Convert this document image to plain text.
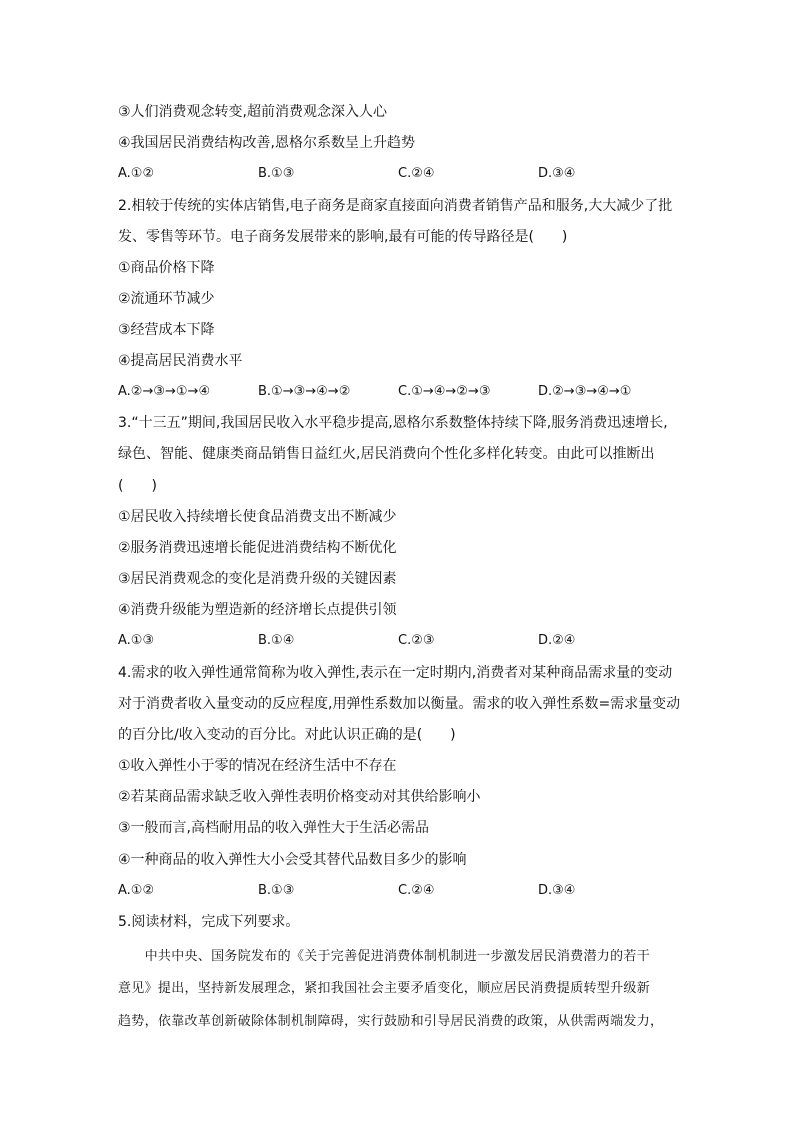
③人们消费观念转变,超前消费观念深入人心
④我国居民消费结构改善,恩格尔系数呈上升趋势
A.①②	B.①③	C.②④	D.③④
2.相较于传统的实体店销售,电子商务是商家直接面向消费者销售产品和服务,大大减少了批
发、零售等环节。电子商务发展带来的影响,最有可能的传导路径是(　　)
①商品价格下降
②流通环节减少
③经营成本下降
④提高居民消费水平
A.②→③→①→④	B.①→③→④→②	C.①→④→②→③	D.②→③→④→①
3.“十三五”期间,我国居民收入水平稳步提高,恩格尔系数整体持续下降,服务消费迅速增长,
绿色、智能、健康类商品销售日益红火,居民消费向个性化多样化转变。由此可以推断出
(　　)
①居民收入持续增长使食品消费支出不断减少
②服务消费迅速增长能促进消费结构不断优化
③居民消费观念的变化是消费升级的关键因素
④消费升级能为塑造新的经济增长点提供引领
A.①③	B.①④	C.②③	D.②④
4.需求的收入弹性通常简称为收入弹性,表示在一定时期内,消费者对某种商品需求量的变动
对于消费者收入量变动的反应程度,用弹性系数加以衡量。需求的收入弹性系数=需求量变动
的百分比/收入变动的百分比。对此认识正确的是(　　)
①收入弹性小于零的情况在经济生活中不存在
②若某商品需求缺乏收入弹性表明价格变动对其供给影响小
③一般而言,高档耐用品的收入弹性大于生活必需品
④一种商品的收入弹性大小会受其替代品数目多少的影响
A.①②	B.①③	C.②④	D.③④
5.阅读材料，完成下列要求。
　　中共中央、国务院发布的《关于完善促进消费体制机制进一步激发居民消费潜力的若干
意见》提出，坚持新发展理念，紧扣我国社会主要矛盾变化，顺应居民消费提质转型升级新
趋势，依靠改革创新破除体制机制障碍，实行鼓励和引导居民消费的政策，从供需两端发力，
